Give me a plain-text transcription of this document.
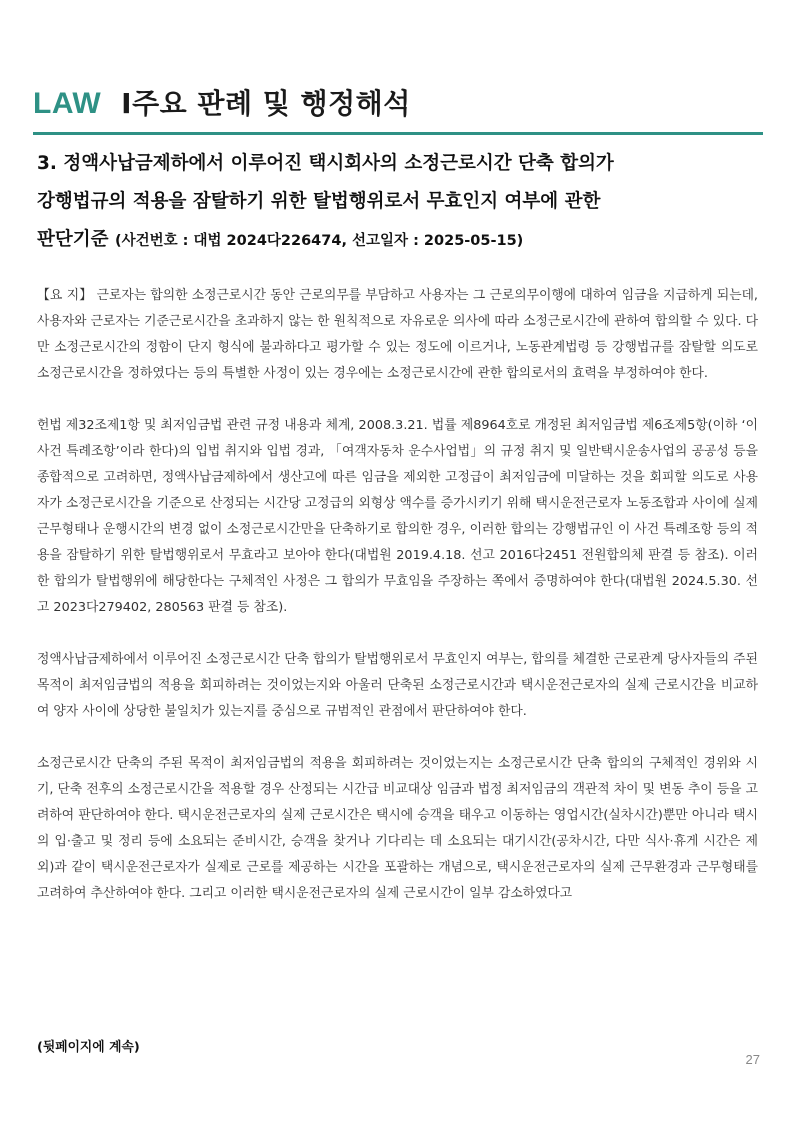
LAW Ⅰ주요 판례 및 행정해석
3. 정액사납금제하에서 이루어진 택시회사의 소정근로시간 단축 합의가
강행법규의 적용을 잠탈하기 위한 탈법행위로서 무효인지 여부에 관한
판단기준 (사건번호 : 대법 2024다226474, 선고일자 : 2025-05-15)

【요 지】 근로자는 합의한 소정근로시간 동안 근로의무를 부담하고 사용자는 그 근로의무이행에 대하여 임금을 지급하게 되는데, 사용자와 근로자는 기준근로시간을 초과하지 않는 한 원칙적으로 자유로운 의사에 따라 소정근로시간에 관하여 합의할 수 있다. 다만 소정근로시간의 정함이 단지 형식에 불과하다고 평가할 수 있는 정도에 이르거나, 노동관계법령 등 강행법규를 잠탈할 의도로 소정근로시간을 정하였다는 등의 특별한 사정이 있는 경우에는 소정근로시간에 관한 합의로서의 효력을 부정하여야 한다.

헌법 제32조제1항 및 최저임금법 관련 규정 내용과 체계, 2008.3.21. 법률 제8964호로 개정된 최저임금법 제6조제5항(이하 ‘이 사건 특례조항’이라 한다)의 입법 취지와 입법 경과, 「여객자동차 운수사업법」의 규정 취지 및 일반택시운송사업의 공공성 등을 종합적으로 고려하면, 정액사납금제하에서 생산고에 따른 임금을 제외한 고정급이 최저임금에 미달하는 것을 회피할 의도로 사용자가 소정근로시간을 기준으로 산정되는 시간당 고정급의 외형상 액수를 증가시키기 위해 택시운전근로자 노동조합과 사이에 실제 근무형태나 운행시간의 변경 없이 소정근로시간만을 단축하기로 합의한 경우, 이러한 합의는 강행법규인 이 사건 특례조항 등의 적용을 잠탈하기 위한 탈법행위로서 무효라고 보아야 한다(대법원 2019.4.18. 선고 2016다2451 전원합의체 판결 등 참조). 이러한 합의가 탈법행위에 해당한다는 구체적인 사정은 그 합의가 무효임을 주장하는 쪽에서 증명하여야 한다(대법원 2024.5.30. 선고 2023다279402, 280563 판결 등 참조).

정액사납금제하에서 이루어진 소정근로시간 단축 합의가 탈법행위로서 무효인지 여부는, 합의를 체결한 근로관계 당사자들의 주된 목적이 최저임금법의 적용을 회피하려는 것이었는지와 아울러 단축된 소정근로시간과 택시운전근로자의 실제 근로시간을 비교하여 양자 사이에 상당한 불일치가 있는지를 중심으로 규범적인 관점에서 판단하여야 한다.

소정근로시간 단축의 주된 목적이 최저임금법의 적용을 회피하려는 것이었는지는 소정근로시간 단축 합의의 구체적인 경위와 시기, 단축 전후의 소정근로시간을 적용할 경우 산정되는 시간급 비교대상 임금과 법정 최저임금의 객관적 차이 및 변동 추이 등을 고려하여 판단하여야 한다. 택시운전근로자의 실제 근로시간은 택시에 승객을 태우고 이동하는 영업시간(실차시간)뿐만 아니라 택시의 입·출고 및 정리 등에 소요되는 준비시간, 승객을 찾거나 기다리는 데 소요되는 대기시간(공차시간, 다만 식사·휴게 시간은 제외)과 같이 택시운전근로자가 실제로 근로를 제공하는 시간을 포괄하는 개념으로, 택시운전근로자의 실제 근무환경과 근무형태를 고려하여 추산하여야 한다. 그리고 이러한 택시운전근로자의 실제 근로시간이 일부 감소하였다고

(뒷페이지에 계속)
27
